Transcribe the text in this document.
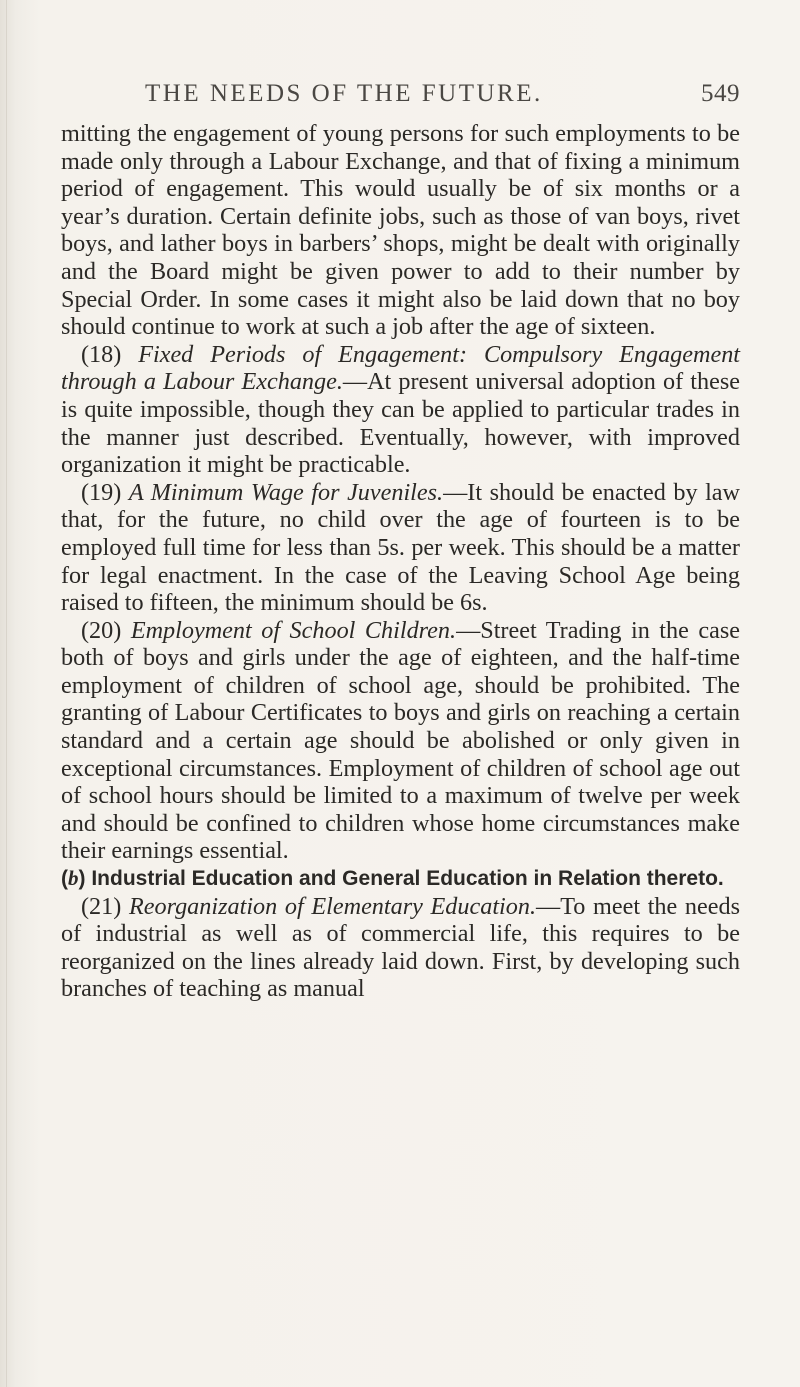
THE NEEDS OF THE FUTURE.	549

mitting the engagement of young persons for such employments to be made only through a Labour Exchange, and that of fixing a minimum period of engagement. This would usually be of six months or a year’s duration. Certain definite jobs, such as those of van boys, rivet boys, and lather boys in barbers’ shops, might be dealt with originally and the Board might be given power to add to their number by Special Order. In some cases it might also be laid down that no boy should continue to work at such a job after the age of sixteen.

(18) Fixed Periods of Engagement: Compulsory Engagement through a Labour Exchange.—At present universal adoption of these is quite impossible, though they can be applied to particular trades in the manner just described. Eventually, however, with improved organization it might be practicable.

(19) A Minimum Wage for Juveniles.—It should be enacted by law that, for the future, no child over the age of fourteen is to be employed full time for less than 5s. per week. This should be a matter for legal enactment. In the case of the Leaving School Age being raised to fifteen, the minimum should be 6s.

(20) Employment of School Children.—Street Trading in the case both of boys and girls under the age of eighteen, and the half-time employment of children of school age, should be prohibited. The granting of Labour Certificates to boys and girls on reaching a certain standard and a certain age should be abolished or only given in exceptional circumstances. Employment of children of school age out of school hours should be limited to a maximum of twelve per week and should be confined to children whose home circumstances make their earnings essential.

(b) Industrial Education and General Education in Relation thereto.

(21) Reorganization of Elementary Education.—To meet the needs of industrial as well as of commercial life, this requires to be reorganized on the lines already laid down. First, by developing such branches of teaching as manual
